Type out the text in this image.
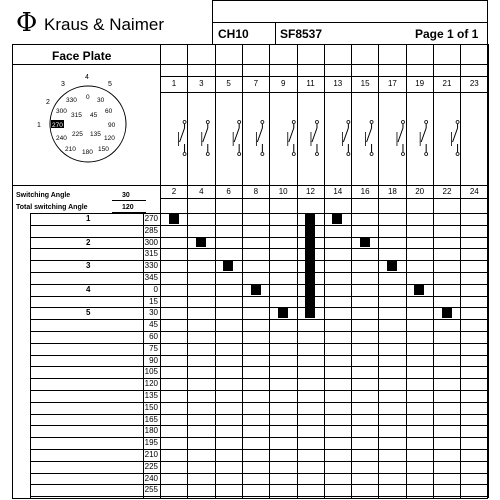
Φ Kraus & Naimer	CH10	SF8537	Page 1 of 1
Face Plate
4
5
3
2
1
330 0 30
300
315 45
60
270	90
240
225 135
120
210 180 150
Switching Angle	30
Total switching Angle	120
1	3	5	7	9	11	13	15	17	19	21	23
2	4	6	8	10	12	14	16	18	20	22	24
1	270
285
2	300
315
3	330
345
4	0
15
5	30
45
60
75
90
105
120
135
150
165
180
195
210
225
240
255
